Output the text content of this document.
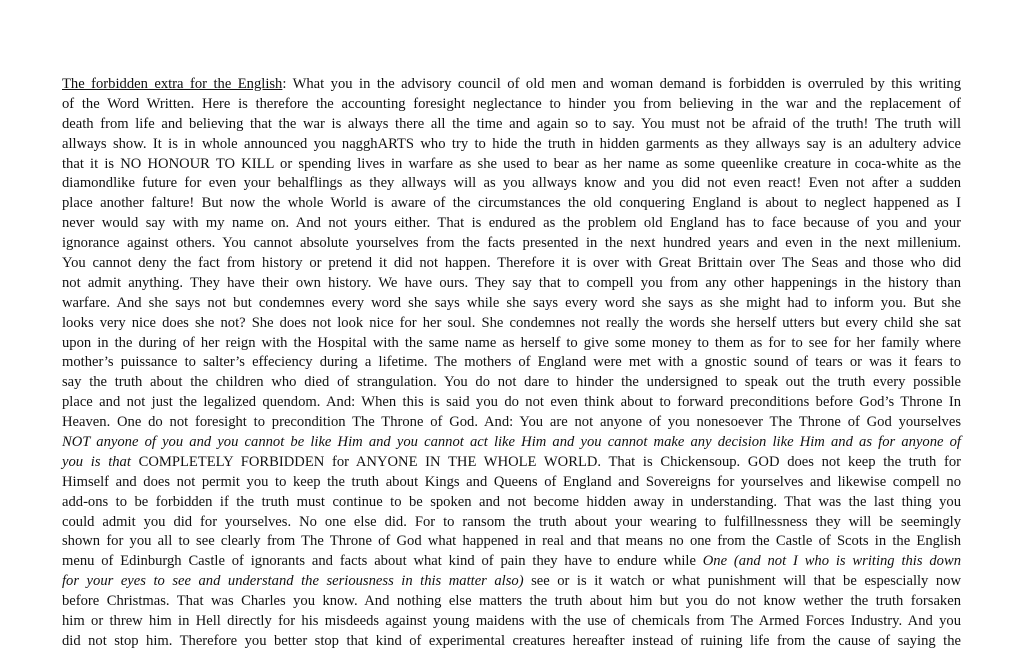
The forbidden extra for the English: What you in the advisory council of old men and woman demand is forbidden is overruled by this writing
of the Word Written. Here is therefore the accounting foresight neglectance to hinder you from believing in the war and the replacement of
death from life and believing that the war is always there all the time and again so to say. You must not be afraid of the truth! The truth will
allways show. It is in whole announced you nagghARTS who try to hide the truth in hidden garments as they allways say is an adultery advice
that it is NO HONOUR TO KILL or spending lives in warfare as she used to bear as her name as some queenlike creature in coca-white as the
diamondlike future for even your behalflings as they allways will as you allways know and you did not even react! Even not after a sudden
place another falture! But now the whole World is aware of the circumstances the old conquering England is about to neglect happened as I
never would say with my name on. And not yours either. That is endured as the problem old England has to face because of you and your
ignorance against others. You cannot absolute yourselves from the facts presented in the next hundred years and even in the next millenium.
You cannot deny the fact from history or pretend it did not happen. Therefore it is over with Great Brittain over The Seas and those who did
not admit anything. They have their own history. We have ours. They say that to compell you from any other happenings in the history than
warfare. And she says not but condemnes every word she says while she says every word she says as she might had to inform you. But she
looks very nice does she not? She does not look nice for her soul. She condemnes not really the words she herself utters but every child she sat
upon in the during of her reign with the Hospital with the same name as herself to give some money to them as for to see for her family where
mother’s puissance to salter’s effeciency during a lifetime. The mothers of England were met with a gnostic sound of tears or was it fears to
say the truth about the children who died of strangulation. You do not dare to hinder the undersigned to speak out the truth every possible
place and not just the legalized quendom. And: When this is said you do not even think about to forward preconditions before God’s Throne In
Heaven. One do not foresight to precondition The Throne of God. And: You are not anyone of you nonesoever The Throne of God yourselves
NOT anyone of you and you cannot be like Him and you cannot act like Him and you cannot make any decision like Him and as for anyone of
you is that COMPLETELY FORBIDDEN for ANYONE IN THE WHOLE WORLD. That is Chickensoup. GOD does not keep the truth for
Himself and does not permit you to keep the truth about Kings and Queens of England and Sovereigns for yourselves and likewise compell no
add-ons to be forbidden if the truth must continue to be spoken and not become hidden away in understanding. That was the last thing you
could admit you did for yourselves. No one else did. For to ransom the truth about your wearing to fulfillnessness they will be seemingly
shown for you all to see clearly from The Throne of God what happened in real and that means no one from the Castle of Scots in the English
menu of Edinburgh Castle of ignorants and facts about what kind of pain they have to endure while One (and not I who is writing this down
for your eyes to see and understand the seriousness in this matter also) see or is it watch or what punishment will that be espescially now
before Christmas. That was Charles you know. And nothing else matters the truth about him but you do not know wether the truth forsaken
him or threw him in Hell directly for his misdeeds against young maidens with the use of chemicals from The Armed Forces Industry. And you
did not stop him. Therefore you better stop that kind of experimental creatures hereafter instead of ruining life from the cause of saying the
